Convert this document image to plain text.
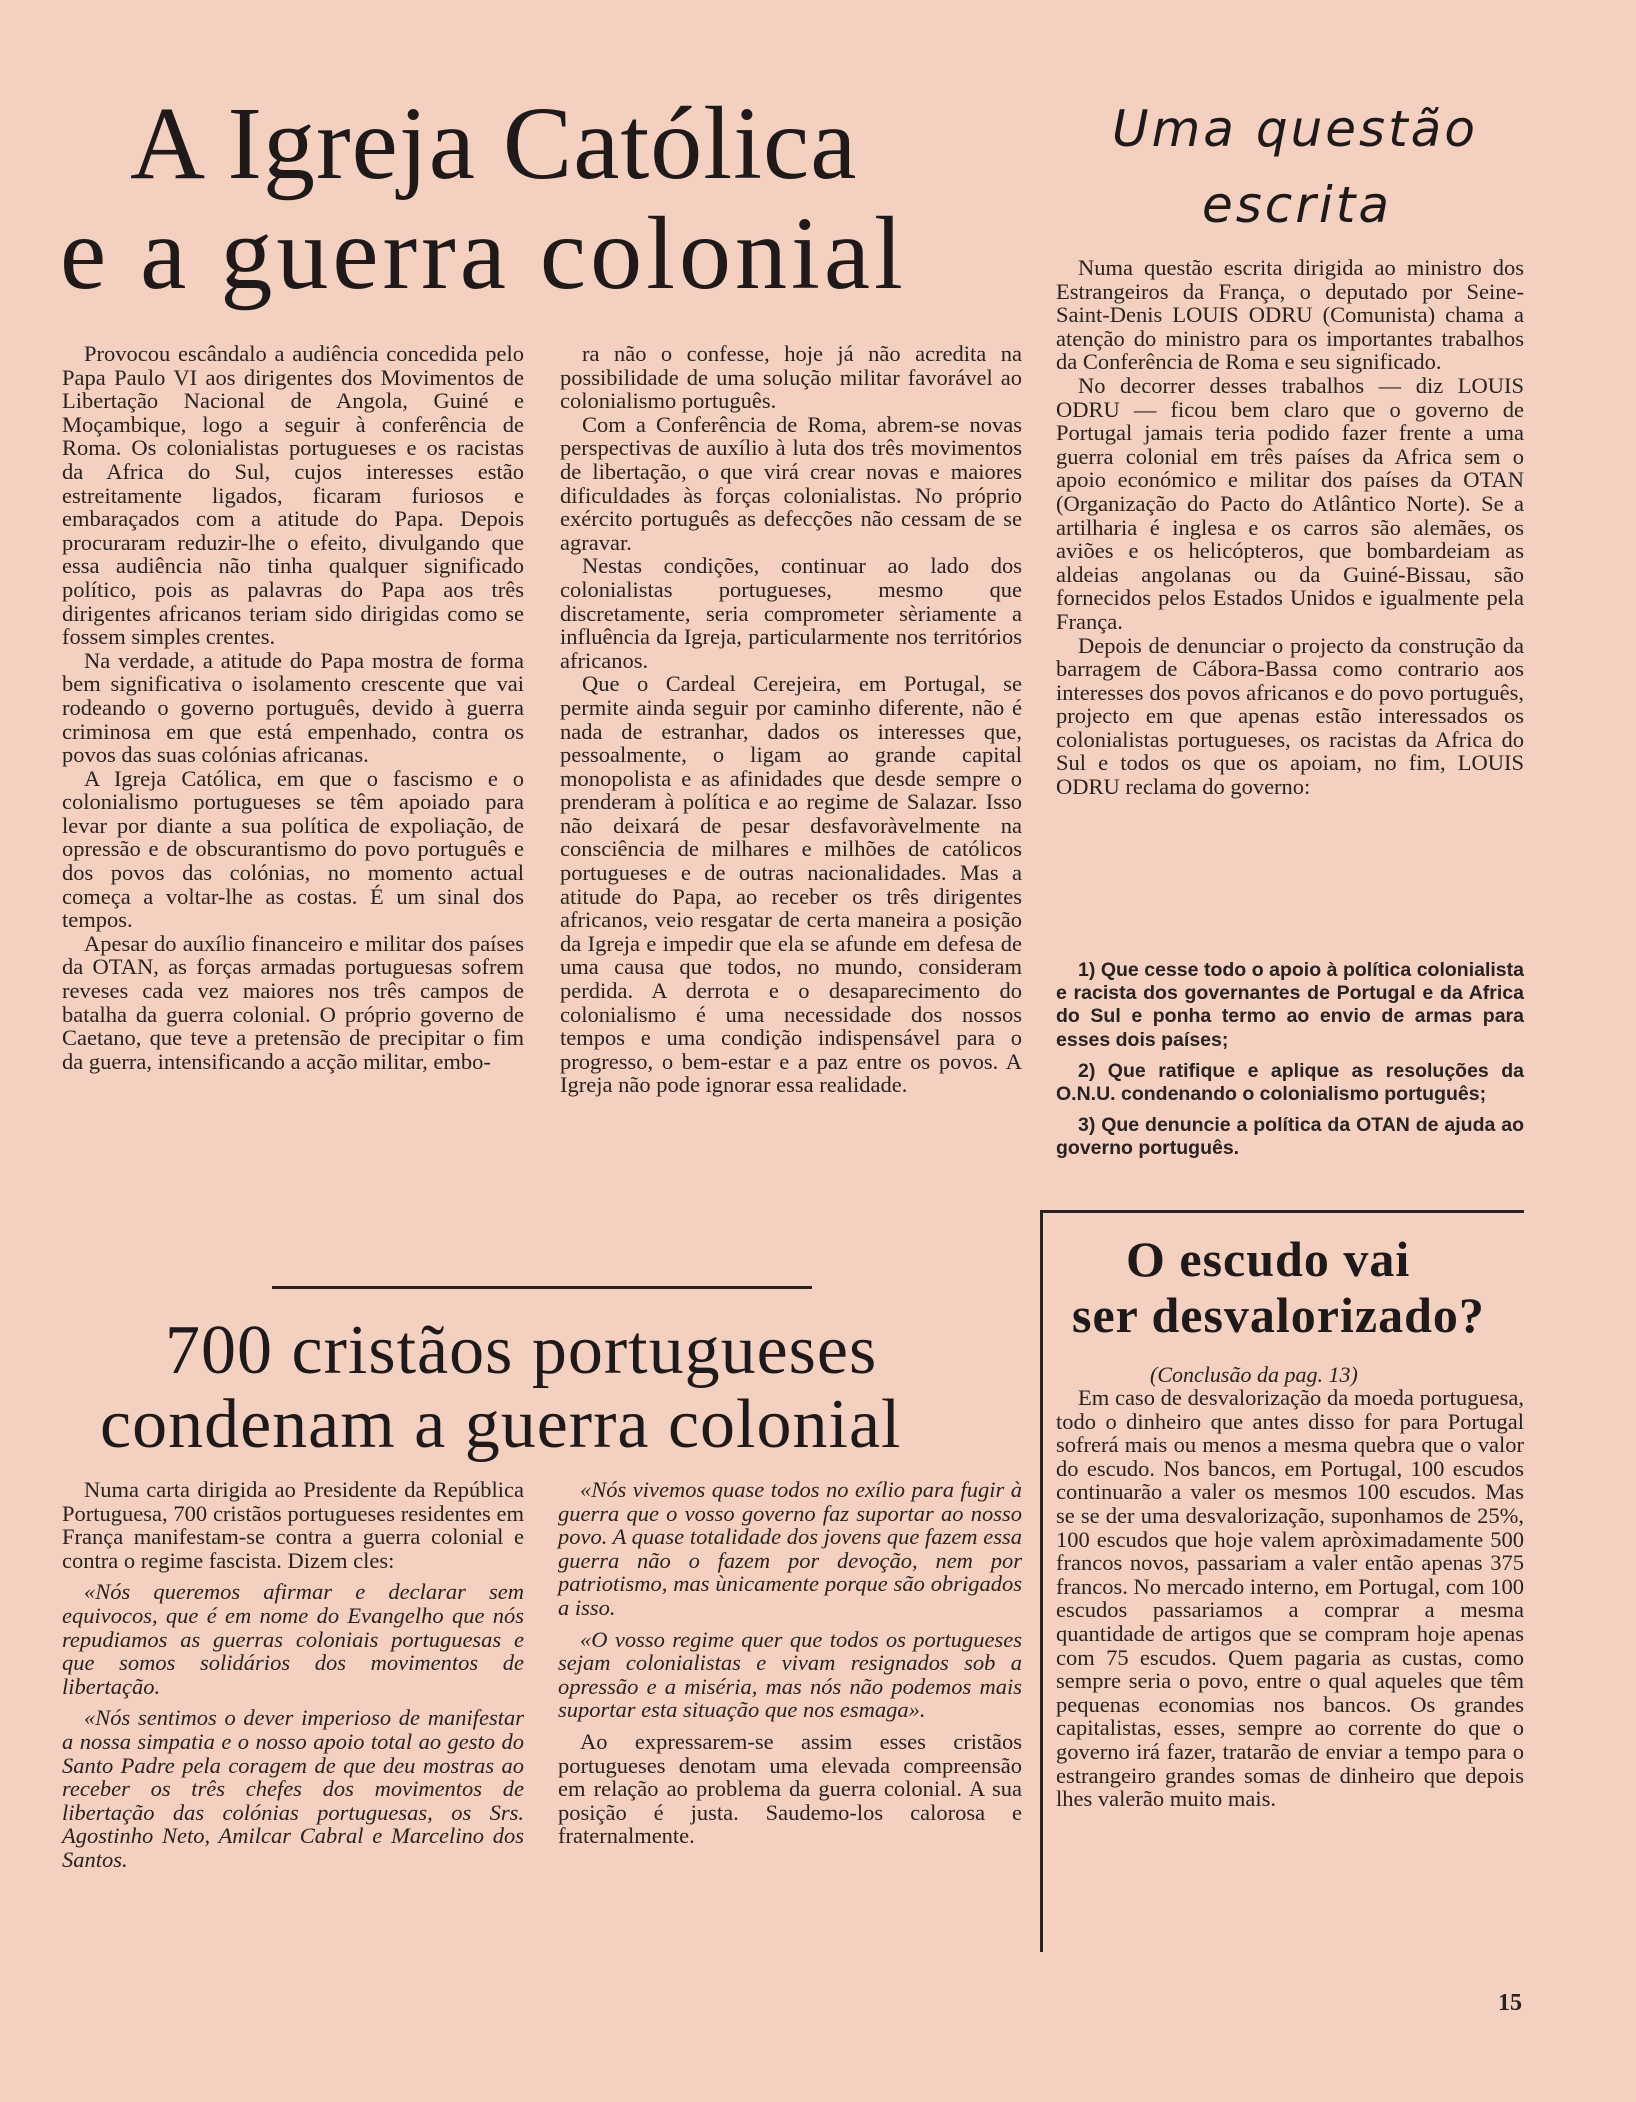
A Igreja Católica
e a guerra colonial

Provocou escândalo a audiência concedida pelo Papa Paulo VI aos dirigentes dos Movimentos de Libertação Nacional de Angola, Guiné e Moçambique, logo a seguir à conferência de Roma. Os colonialistas portugueses e os racistas da Africa do Sul, cujos interesses estão estreitamente ligados, ficaram furiosos e embaraçados com a atitude do Papa. Depois procuraram reduzir-lhe o efeito, divulgando que essa audiência não tinha qualquer significado político, pois as palavras do Papa aos três dirigentes africanos teriam sido dirigidas como se fossem simples crentes.

Na verdade, a atitude do Papa mostra de forma bem significativa o isolamento crescente que vai rodeando o governo português, devido à guerra criminosa em que está empenhado, contra os povos das suas colónias africanas.

A Igreja Católica, em que o fascismo e o colonialismo portugueses se têm apoiado para levar por diante a sua política de expoliação, de opressão e de obscurantismo do povo português e dos povos das colónias, no momento actual começa a voltar-lhe as costas. É um sinal dos tempos.

Apesar do auxílio financeiro e militar dos países da OTAN, as forças armadas portuguesas sofrem reveses cada vez maiores nos três campos de batalha da guerra colonial. O próprio governo de Caetano, que teve a pretensão de precipitar o fim da guerra, intensificando a acção militar, embo-

ra não o confesse, hoje já não acredita na possibilidade de uma solução militar favorável ao colonialismo português.

Com a Conferência de Roma, abrem-se novas perspectivas de auxílio à luta dos três movimentos de libertação, o que virá crear novas e maiores dificuldades às forças colonialistas. No próprio exército português as defecções não cessam de se agravar.

Nestas condições, continuar ao lado dos colonialistas portugueses, mesmo que discretamente, seria comprometer sèriamente a influência da Igreja, particularmente nos territórios africanos.

Que o Cardeal Cerejeira, em Portugal, se permite ainda seguir por caminho diferente, não é nada de estranhar, dados os interesses que, pessoalmente, o ligam ao grande capital monopolista e as afinidades que desde sempre o prenderam à política e ao regime de Salazar. Isso não deixará de pesar desfavoràvelmente na consciência de milhares e milhões de católicos portugueses e de outras nacionalidades. Mas a atitude do Papa, ao receber os três dirigentes africanos, veio resgatar de certa maneira a posição da Igreja e impedir que ela se afunde em defesa de uma causa que todos, no mundo, consideram perdida. A derrota e o desaparecimento do colonialismo é uma necessidade dos nossos tempos e uma condição indispensável para o progresso, o bem-estar e a paz entre os povos. A Igreja não pode ignorar essa realidade.

Uma questão
escrita

Numa questão escrita dirigida ao ministro dos Estrangeiros da França, o deputado por Seine-Saint-Denis LOUIS ODRU (Comunista) chama a atenção do ministro para os importantes trabalhos da Conferência de Roma e seu significado.

No decorrer desses trabalhos — diz LOUIS ODRU — ficou bem claro que o governo de Portugal jamais teria podido fazer frente a uma guerra colonial em três países da Africa sem o apoio económico e militar dos países da OTAN (Organização do Pacto do Atlântico Norte). Se a artilharia é inglesa e os carros são alemães, os aviões e os helicópteros, que bombardeiam as aldeias angolanas ou da Guiné-Bissau, são fornecidos pelos Estados Unidos e igualmente pela França.

Depois de denunciar o projecto da construção da barragem de Cábora-Bassa como contrario aos interesses dos povos africanos e do povo português, projecto em que apenas estão interessados os colonialistas portugueses, os racistas da Africa do Sul e todos os que os apoiam, no fim, LOUIS ODRU reclama do governo:

1) Que cesse todo o apoio à política colonialista e racista dos governantes de Portugal e da Africa do Sul e ponha termo ao envio de armas para esses dois países;

2) Que ratifique e aplique as resoluções da O.N.U. condenando o colonialismo português;

3) Que denuncie a política da OTAN de ajuda ao governo português.

700 cristãos portugueses
condenam a guerra colonial

Numa carta dirigida ao Presidente da República Portuguesa, 700 cristãos portugueses residentes em França manifestam-se contra a guerra colonial e contra o regime fascista. Dizem cles:

«Nós queremos afirmar e declarar sem equivocos, que é em nome do Evangelho que nós repudiamos as guerras coloniais portuguesas e que somos solidários dos movimentos de libertação.

«Nós sentimos o dever imperioso de manifestar a nossa simpatia e o nosso apoio total ao gesto do Santo Padre pela coragem de que deu mostras ao receber os três chefes dos movimentos de libertação das colónias portuguesas, os Srs. Agostinho Neto, Amilcar Cabral e Marcelino dos Santos.

«Nós vivemos quase todos no exílio para fugir à guerra que o vosso governo faz suportar ao nosso povo. A quase totalidade dos jovens que fazem essa guerra não o fazem por devoção, nem por patriotismo, mas ùnicamente porque são obrigados a isso.

«O vosso regime quer que todos os portugueses sejam colonialistas e vivam resignados sob a opressão e a miséria, mas nós não podemos mais suportar esta situação que nos esmaga».

Ao expressarem-se assim esses cristãos portugueses denotam uma elevada compreensão em relação ao problema da guerra colonial. A sua posição é justa. Saudemo-los calorosa e fraternalmente.

O escudo vai
ser desvalorizado?
(Conclusão da pag. 13)

Em caso de desvalorização da moeda portuguesa, todo o dinheiro que antes disso for para Portugal sofrerá mais ou menos a mesma quebra que o valor do escudo. Nos bancos, em Portugal, 100 escudos continuarão a valer os mesmos 100 escudos. Mas se se der uma desvalorização, suponhamos de 25%, 100 escudos que hoje valem apròximadamente 500 francos novos, passariam a valer então apenas 375 francos. No mercado interno, em Portugal, com 100 escudos passariamos a comprar a mesma quantidade de artigos que se compram hoje apenas com 75 escudos. Quem pagaria as custas, como sempre seria o povo, entre o qual aqueles que têm pequenas economias nos bancos. Os grandes capitalistas, esses, sempre ao corrente do que o governo irá fazer, tratarão de enviar a tempo para o estrangeiro grandes somas de dinheiro que depois lhes valerão muito mais.

15
